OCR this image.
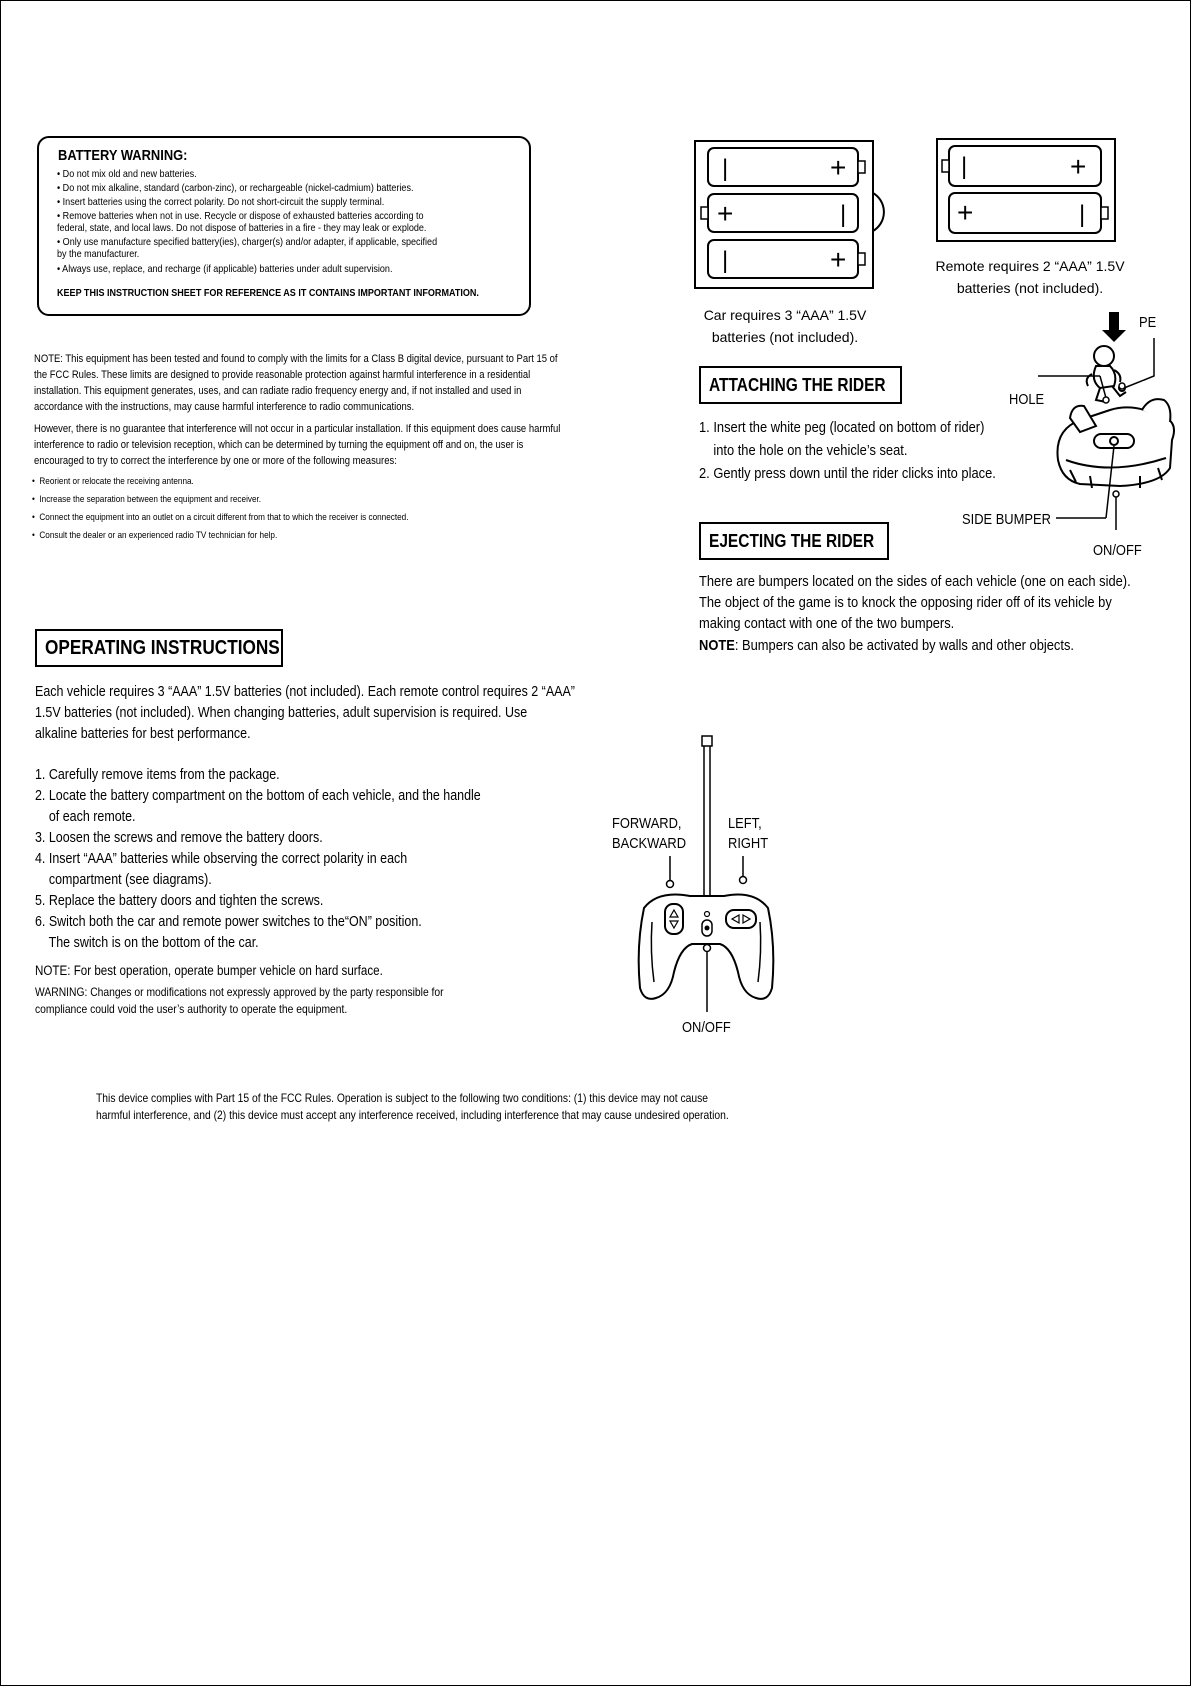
BATTERY WARNING:
• Do not mix old and new batteries.
• Do not mix alkaline, standard (carbon-zinc), or rechargeable (nickel-cadmium) batteries.
• Insert batteries using the correct polarity. Do not short-circuit the supply terminal.
• Remove batteries when not in use. Recycle or dispose of exhausted batteries according to
federal, state, and local laws. Do not dispose of batteries in a fire - they may leak or explode.
• Only use manufacture specified battery(ies), charger(s) and/or adapter, if applicable, specified
by the manufacturer.
• Always use, replace, and recharge (if applicable) batteries under adult supervision.
KEEP THIS INSTRUCTION SHEET FOR REFERENCE AS IT CONTAINS IMPORTANT INFORMATION.
NOTE: This equipment has been tested and found to comply with the limits for a Class B digital device, pursuant to Part 15 of
the FCC Rules. These limits are designed to provide reasonable protection against harmful interference in a residential
installation. This equipment generates, uses, and can radiate radio frequency energy and, if not installed and used in
accordance with the instructions, may cause harmful interference to radio communications.
However, there is no guarantee that interference will not occur in a particular installation. If this equipment does cause harmful
interference to radio or television reception, which can be determined by turning the equipment off and on, the user is
encouraged to try to correct the interference by one or more of the following measures:
•  Reorient or relocate the receiving antenna.
•  Increase the separation between the equipment and receiver.
•  Connect the equipment into an outlet on a circuit different from that to which the receiver is connected.
•  Consult the dealer or an experienced radio TV technician for help.
OPERATING INSTRUCTIONS
Each vehicle requires 3 “AAA” 1.5V batteries (not included). Each remote control requires 2 “AAA”
1.5V batteries (not included). When changing batteries, adult supervision is required. Use
alkaline batteries for best performance.
1. Carefully remove items from the package.
2. Locate the battery compartment on the bottom of each vehicle, and the handle
of each remote.
3. Loosen the screws and remove the battery doors.
4. Insert “AAA” batteries while observing the correct polarity in each
compartment (see diagrams).
5. Replace the battery doors and tighten the screws.
6. Switch both the car and remote power switches to the“ON” position.
The switch is on the bottom of the car.
NOTE: For best operation, operate bumper vehicle on hard surface.
WARNING: Changes or modifications not expressly approved by the party responsible for
compliance could void the user’s authority to operate the equipment.
|	+
+	|
|	+
Car requires 3 “AAA” 1.5V
batteries (not included).
|	+
+	|
Remote requires 2 “AAA” 1.5V
batteries (not included).
ATTACHING THE RIDER
1. Insert the white peg (located on bottom of rider)
into the hole on the vehicle’s seat.
2. Gently press down until the rider clicks into place.
PE
HOLE
SIDE BUMPER
ON/OFF
EJECTING THE RIDER
There are bumpers located on the sides of each vehicle (one on each side).
The object of the game is to knock the opposing rider off of its vehicle by
making contact with one of the two bumpers.
NOTE: Bumpers can also be activated by walls and other objects.
FORWARD,
BACKWARD
LEFT,
RIGHT
ON/OFF
This device complies with Part 15 of the FCC Rules. Operation is subject to the following two conditions: (1) this device may not cause
harmful interference, and (2) this device must accept any interference received, including interference that may cause undesired operation.
